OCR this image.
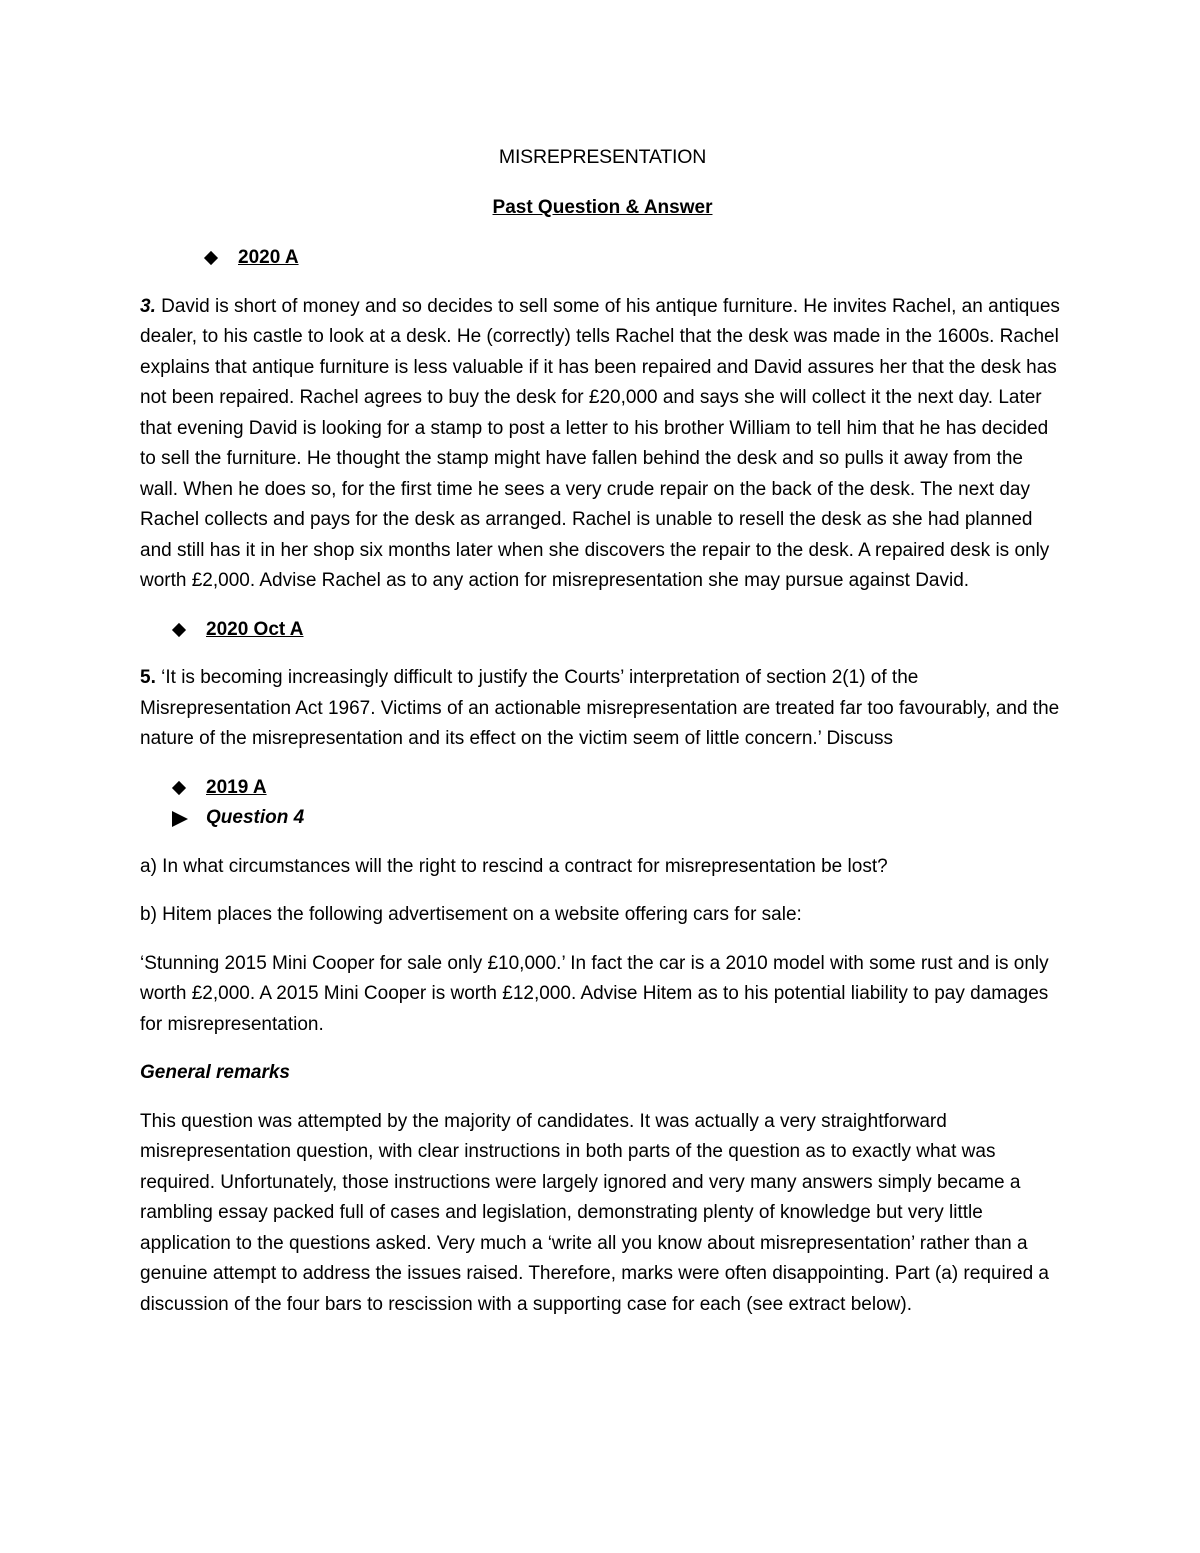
MISREPRESENTATION

Past Question & Answer

2020 A

3. David is short of money and so decides to sell some of his antique furniture. He invites Rachel, an antiques dealer, to his castle to look at a desk. He (correctly) tells Rachel that the desk was made in the 1600s. Rachel explains that antique furniture is less valuable if it has been repaired and David assures her that the desk has not been repaired. Rachel agrees to buy the desk for £20,000 and says she will collect it the next day. Later that evening David is looking for a stamp to post a letter to his brother William to tell him that he has decided to sell the furniture. He thought the stamp might have fallen behind the desk and so pulls it away from the wall. When he does so, for the first time he sees a very crude repair on the back of the desk. The next day Rachel collects and pays for the desk as arranged. Rachel is unable to resell the desk as she had planned and still has it in her shop six months later when she discovers the repair to the desk. A repaired desk is only worth £2,000. Advise Rachel as to any action for misrepresentation she may pursue against David.

2020 Oct A

5. ‘It is becoming increasingly difficult to justify the Courts’ interpretation of section 2(1) of the Misrepresentation Act 1967. Victims of an actionable misrepresentation are treated far too favourably, and the nature of the misrepresentation and its effect on the victim seem of little concern.’ Discuss

2019 A
Question 4

a) In what circumstances will the right to rescind a contract for misrepresentation be lost?

b) Hitem places the following advertisement on a website offering cars for sale:

‘Stunning 2015 Mini Cooper for sale only £10,000.’ In fact the car is a 2010 model with some rust and is only worth £2,000. A 2015 Mini Cooper is worth £12,000. Advise Hitem as to his potential liability to pay damages for misrepresentation.

General remarks

This question was attempted by the majority of candidates. It was actually a very straightforward misrepresentation question, with clear instructions in both parts of the question as to exactly what was required. Unfortunately, those instructions were largely ignored and very many answers simply became a rambling essay packed full of cases and legislation, demonstrating plenty of knowledge but very little application to the questions asked. Very much a ‘write all you know about misrepresentation’ rather than a genuine attempt to address the issues raised. Therefore, marks were often disappointing. Part (a) required a discussion of the four bars to rescission with a supporting case for each (see extract below).
